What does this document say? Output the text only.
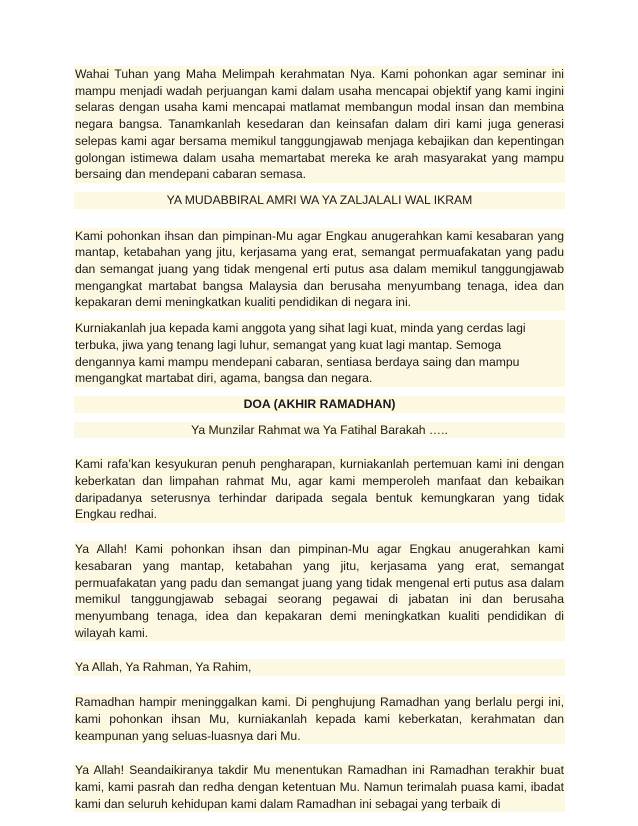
Wahai Tuhan yang Maha Melimpah kerahmatan Nya. Kami pohonkan agar seminar ini mampu menjadi wadah perjuangan kami dalam usaha mencapai objektif yang kami ingini selaras dengan usaha kami mencapai matlamat membangun modal insan dan membina negara bangsa. Tanamkanlah kesedaran dan keinsafan dalam diri kami juga generasi selepas kami agar bersama memikul tanggungjawab menjaga kebajikan dan kepentingan golongan istimewa dalam usaha memartabat mereka ke arah masyarakat yang mampu bersaing dan mendepani cabaran semasa.

YA MUDABBIRAL AMRI WA YA ZALJALALI WAL IKRAM

Kami pohonkan ihsan dan pimpinan-Mu agar Engkau anugerahkan kami kesabaran yang mantap, ketabahan yang jitu, kerjasama yang erat, semangat permuafakatan yang padu dan semangat juang yang tidak mengenal erti putus asa dalam memikul tanggungjawab mengangkat martabat bangsa Malaysia dan berusaha menyumbang tenaga, idea dan kepakaran demi meningkatkan kualiti pendidikan di negara ini.

Kurniakanlah jua kepada kami anggota yang sihat lagi kuat, minda yang cerdas lagi terbuka, jiwa yang tenang lagi luhur, semangat yang kuat lagi mantap. Semoga dengannya kami mampu mendepani cabaran, sentiasa berdaya saing dan mampu mengangkat martabat diri, agama, bangsa dan negara.

DOA (AKHIR RAMADHAN)

Ya Munzilar Rahmat wa Ya Fatihal Barakah …..

Kami rafa’kan kesyukuran penuh pengharapan, kurniakanlah pertemuan kami ini dengan keberkatan dan limpahan rahmat Mu, agar kami memperoleh manfaat dan kebaikan daripadanya seterusnya terhindar daripada segala bentuk kemungkaran yang tidak Engkau redhai.

Ya Allah! Kami pohonkan ihsan dan pimpinan-Mu agar Engkau anugerahkan kami kesabaran yang mantap, ketabahan yang jitu, kerjasama yang erat, semangat permuafakatan yang padu dan semangat juang yang tidak mengenal erti putus asa dalam memikul tanggungjawab sebagai seorang pegawai di jabatan ini dan berusaha menyumbang tenaga, idea dan kepakaran demi meningkatkan kualiti pendidikan di wilayah kami.

Ya Allah, Ya Rahman, Ya Rahim,

Ramadhan hampir meninggalkan kami. Di penghujung Ramadhan yang berlalu pergi ini, kami pohonkan ihsan Mu, kurniakanlah kepada kami keberkatan, kerahmatan dan keampunan yang seluas-luasnya dari Mu.

Ya Allah! Seandaikiranya takdir Mu menentukan Ramadhan ini Ramadhan terakhir buat kami, kami pasrah dan redha dengan ketentuan Mu. Namun terimalah puasa kami, ibadat kami dan seluruh kehidupan kami dalam Ramadhan ini sebagai yang terbaik di
